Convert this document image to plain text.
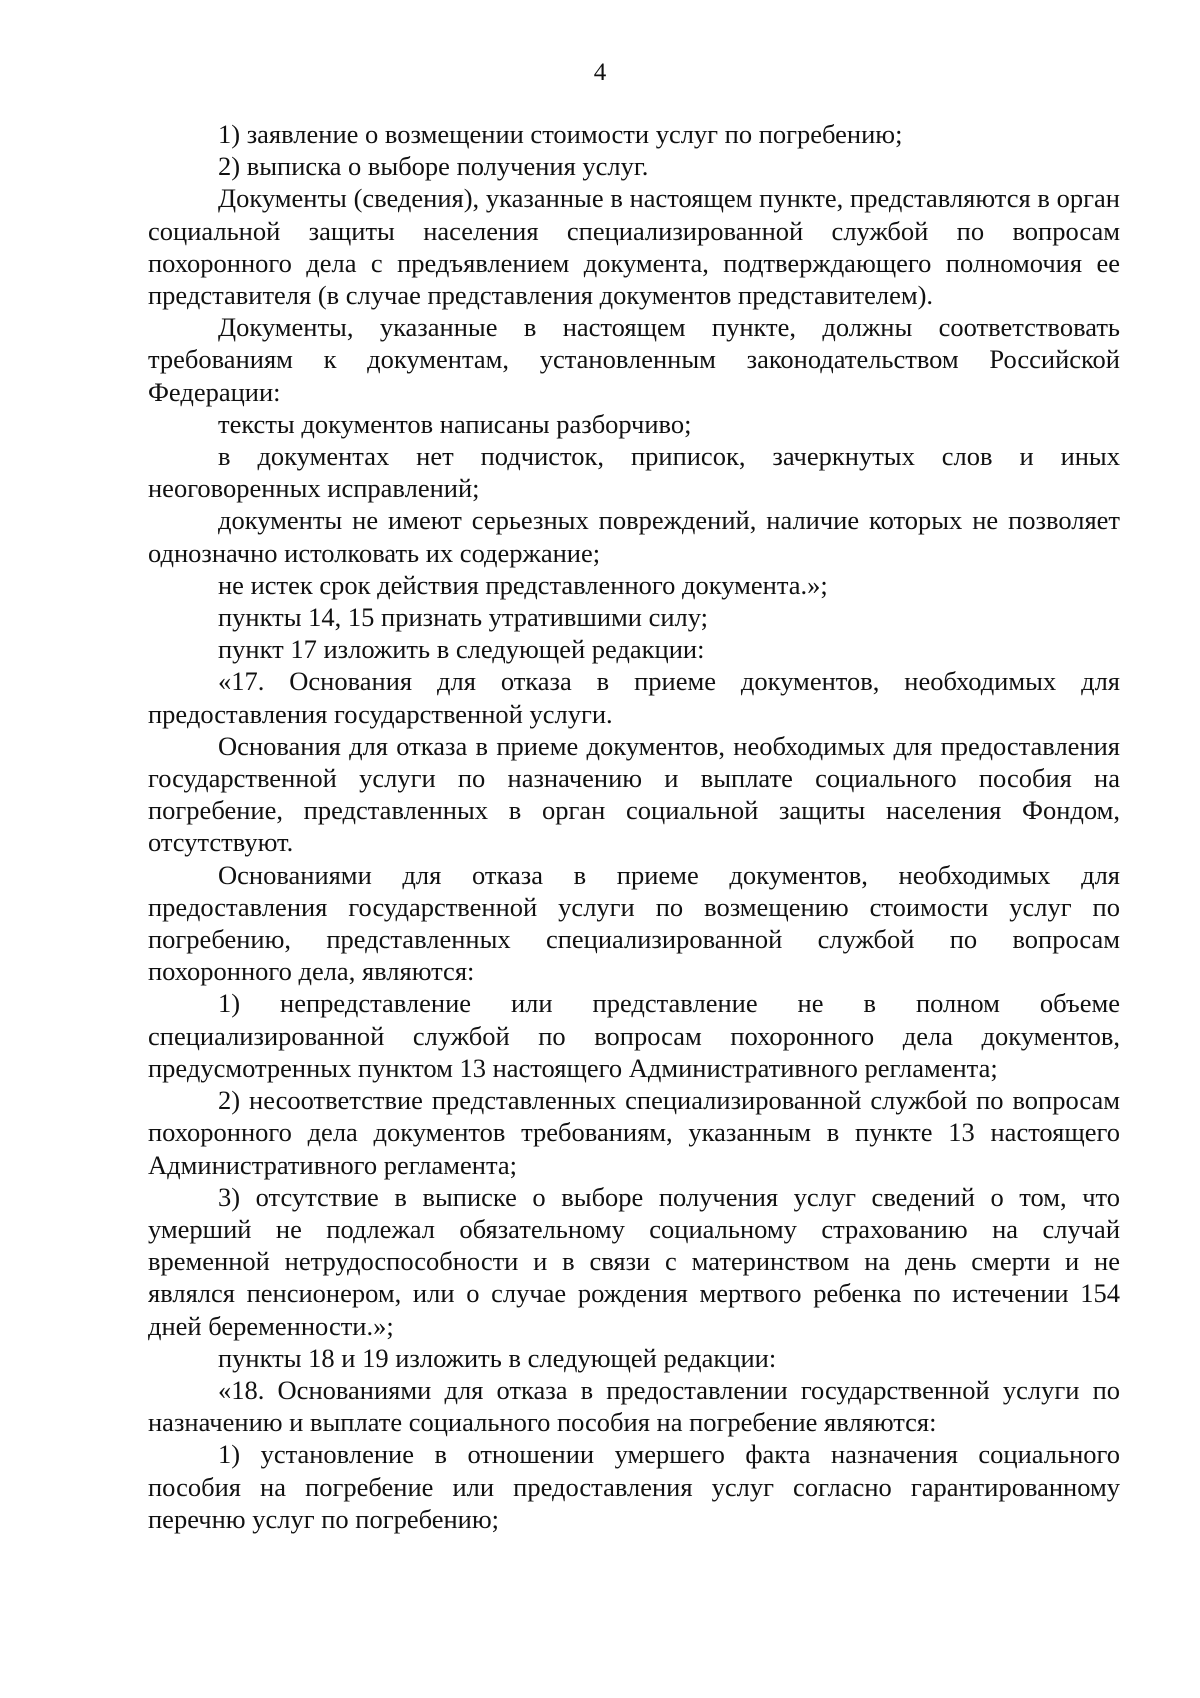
4

1) заявление о возмещении стоимости услуг по погребению;

2) выписка о выборе получения услуг.

Документы (сведения), указанные в настоящем пункте, представляются в орган социальной защиты населения специализированной службой по вопросам похоронного дела с предъявлением документа, подтверждающего полномочия ее представителя (в случае представления документов представителем).

Документы, указанные в настоящем пункте, должны соответствовать требованиям к документам, установленным законодательством Российской Федерации:

тексты документов написаны разборчиво;

в документах нет подчисток, приписок, зачеркнутых слов и иных неоговоренных исправлений;

документы не имеют серьезных повреждений, наличие которых не позволяет однозначно истолковать их содержание;

не истек срок действия представленного документа.»;

пункты 14, 15 признать утратившими силу;

пункт 17 изложить в следующей редакции:

«17. Основания для отказа в приеме документов, необходимых для предоставления государственной услуги.

Основания для отказа в приеме документов, необходимых для предоставления государственной услуги по назначению и выплате социального пособия на погребение, представленных в орган социальной защиты населения Фондом, отсутствуют.

Основаниями для отказа в приеме документов, необходимых для предоставления государственной услуги по возмещению стоимости услуг по погребению, представленных специализированной службой по вопросам похоронного дела, являются:

1) непредставление или представление не в полном объеме специализированной службой по вопросам похоронного дела документов, предусмотренных пунктом 13 настоящего Административного регламента;

2) несоответствие представленных специализированной службой по вопросам похоронного дела документов требованиям, указанным в пункте 13 настоящего Административного регламента;

3) отсутствие в выписке о выборе получения услуг сведений о том, что умерший не подлежал обязательному социальному страхованию на случай временной нетрудоспособности и в связи с материнством на день смерти и не являлся пенсионером, или о случае рождения мертвого ребенка по истечении 154 дней беременности.»;

пункты 18 и 19 изложить в следующей редакции:

«18. Основаниями для отказа в предоставлении государственной услуги по назначению и выплате социального пособия на погребение являются:

1) установление в отношении умершего факта назначения социального пособия на погребение или предоставления услуг согласно гарантированному перечню услуг по погребению;
